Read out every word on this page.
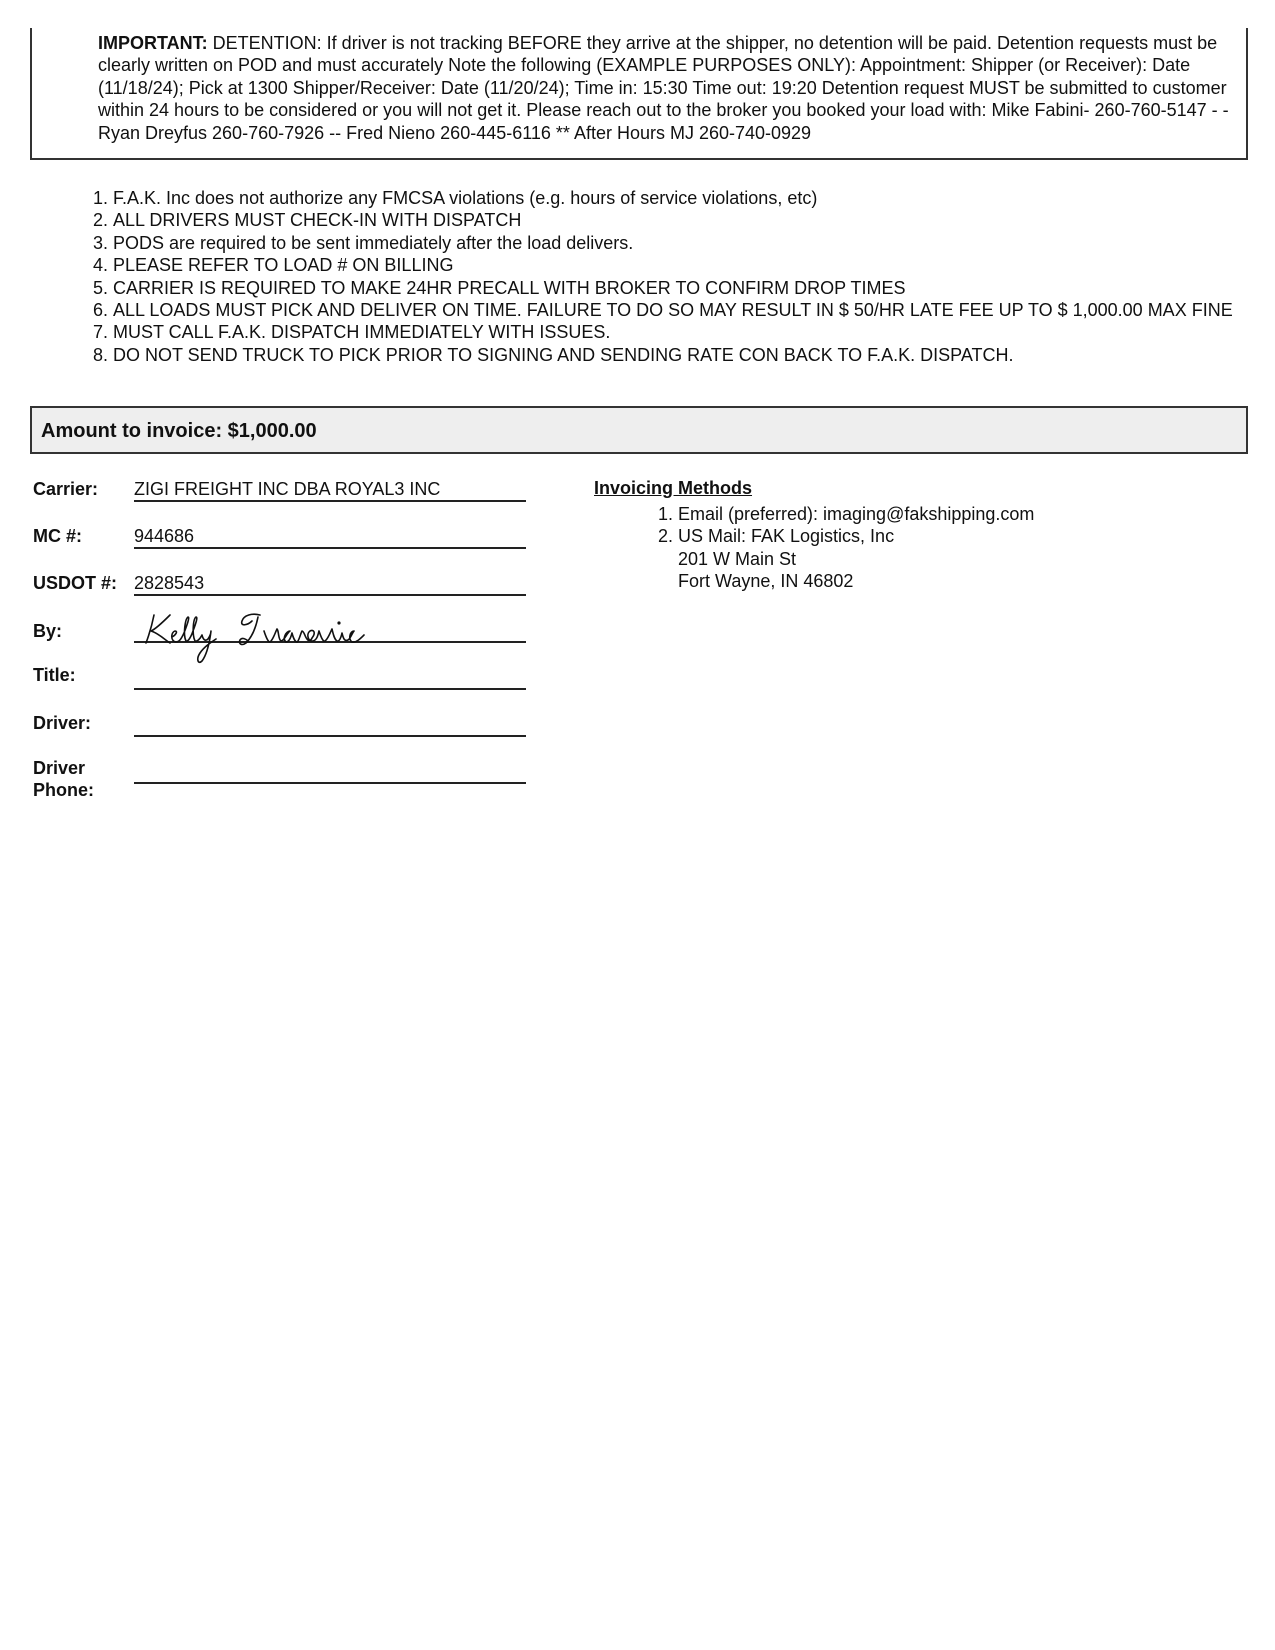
IMPORTANT: DETENTION: If driver is not tracking BEFORE they arrive at the shipper, no detention will be paid. Detention requests must be clearly written on POD and must accurately Note the following (EXAMPLE PURPOSES ONLY): Appointment: Shipper (or Receiver): Date (11/18/24); Pick at 1300 Shipper/Receiver: Date (11/20/24); Time in: 15:30 Time out: 19:20 Detention request MUST be submitted to customer within 24 hours to be considered or you will not get it. Please reach out to the broker you booked your load with: Mike Fabini- 260-760-5147 - - Ryan Dreyfus 260-760-7926 -- Fred Nieno 260-445-6116 ** After Hours MJ 260-740-0929

1. F.A.K. Inc does not authorize any FMCSA violations (e.g. hours of service violations, etc)
2. ALL DRIVERS MUST CHECK-IN WITH DISPATCH
3. PODS are required to be sent immediately after the load delivers.
4. PLEASE REFER TO LOAD # ON BILLING
5. CARRIER IS REQUIRED TO MAKE 24HR PRECALL WITH BROKER TO CONFIRM DROP TIMES
6. ALL LOADS MUST PICK AND DELIVER ON TIME. FAILURE TO DO SO MAY RESULT IN $ 50/HR LATE FEE UP TO $ 1,000.00 MAX FINE
7. MUST CALL F.A.K. DISPATCH IMMEDIATELY WITH ISSUES.
8. DO NOT SEND TRUCK TO PICK PRIOR TO SIGNING AND SENDING RATE CON BACK TO F.A.K. DISPATCH.
Amount to invoice: $1,000.00
Carrier: ZIGI FREIGHT INC DBA ROYAL3 INC
MC #:	944686
USDOT #: 2828543
By:
Title:
Driver:
Driver
Phone:
Invoicing Methods
1. Email (preferred): imaging@fakshipping.com
2. US Mail: FAK Logistics, Inc
201 W Main St
Fort Wayne, IN 46802
